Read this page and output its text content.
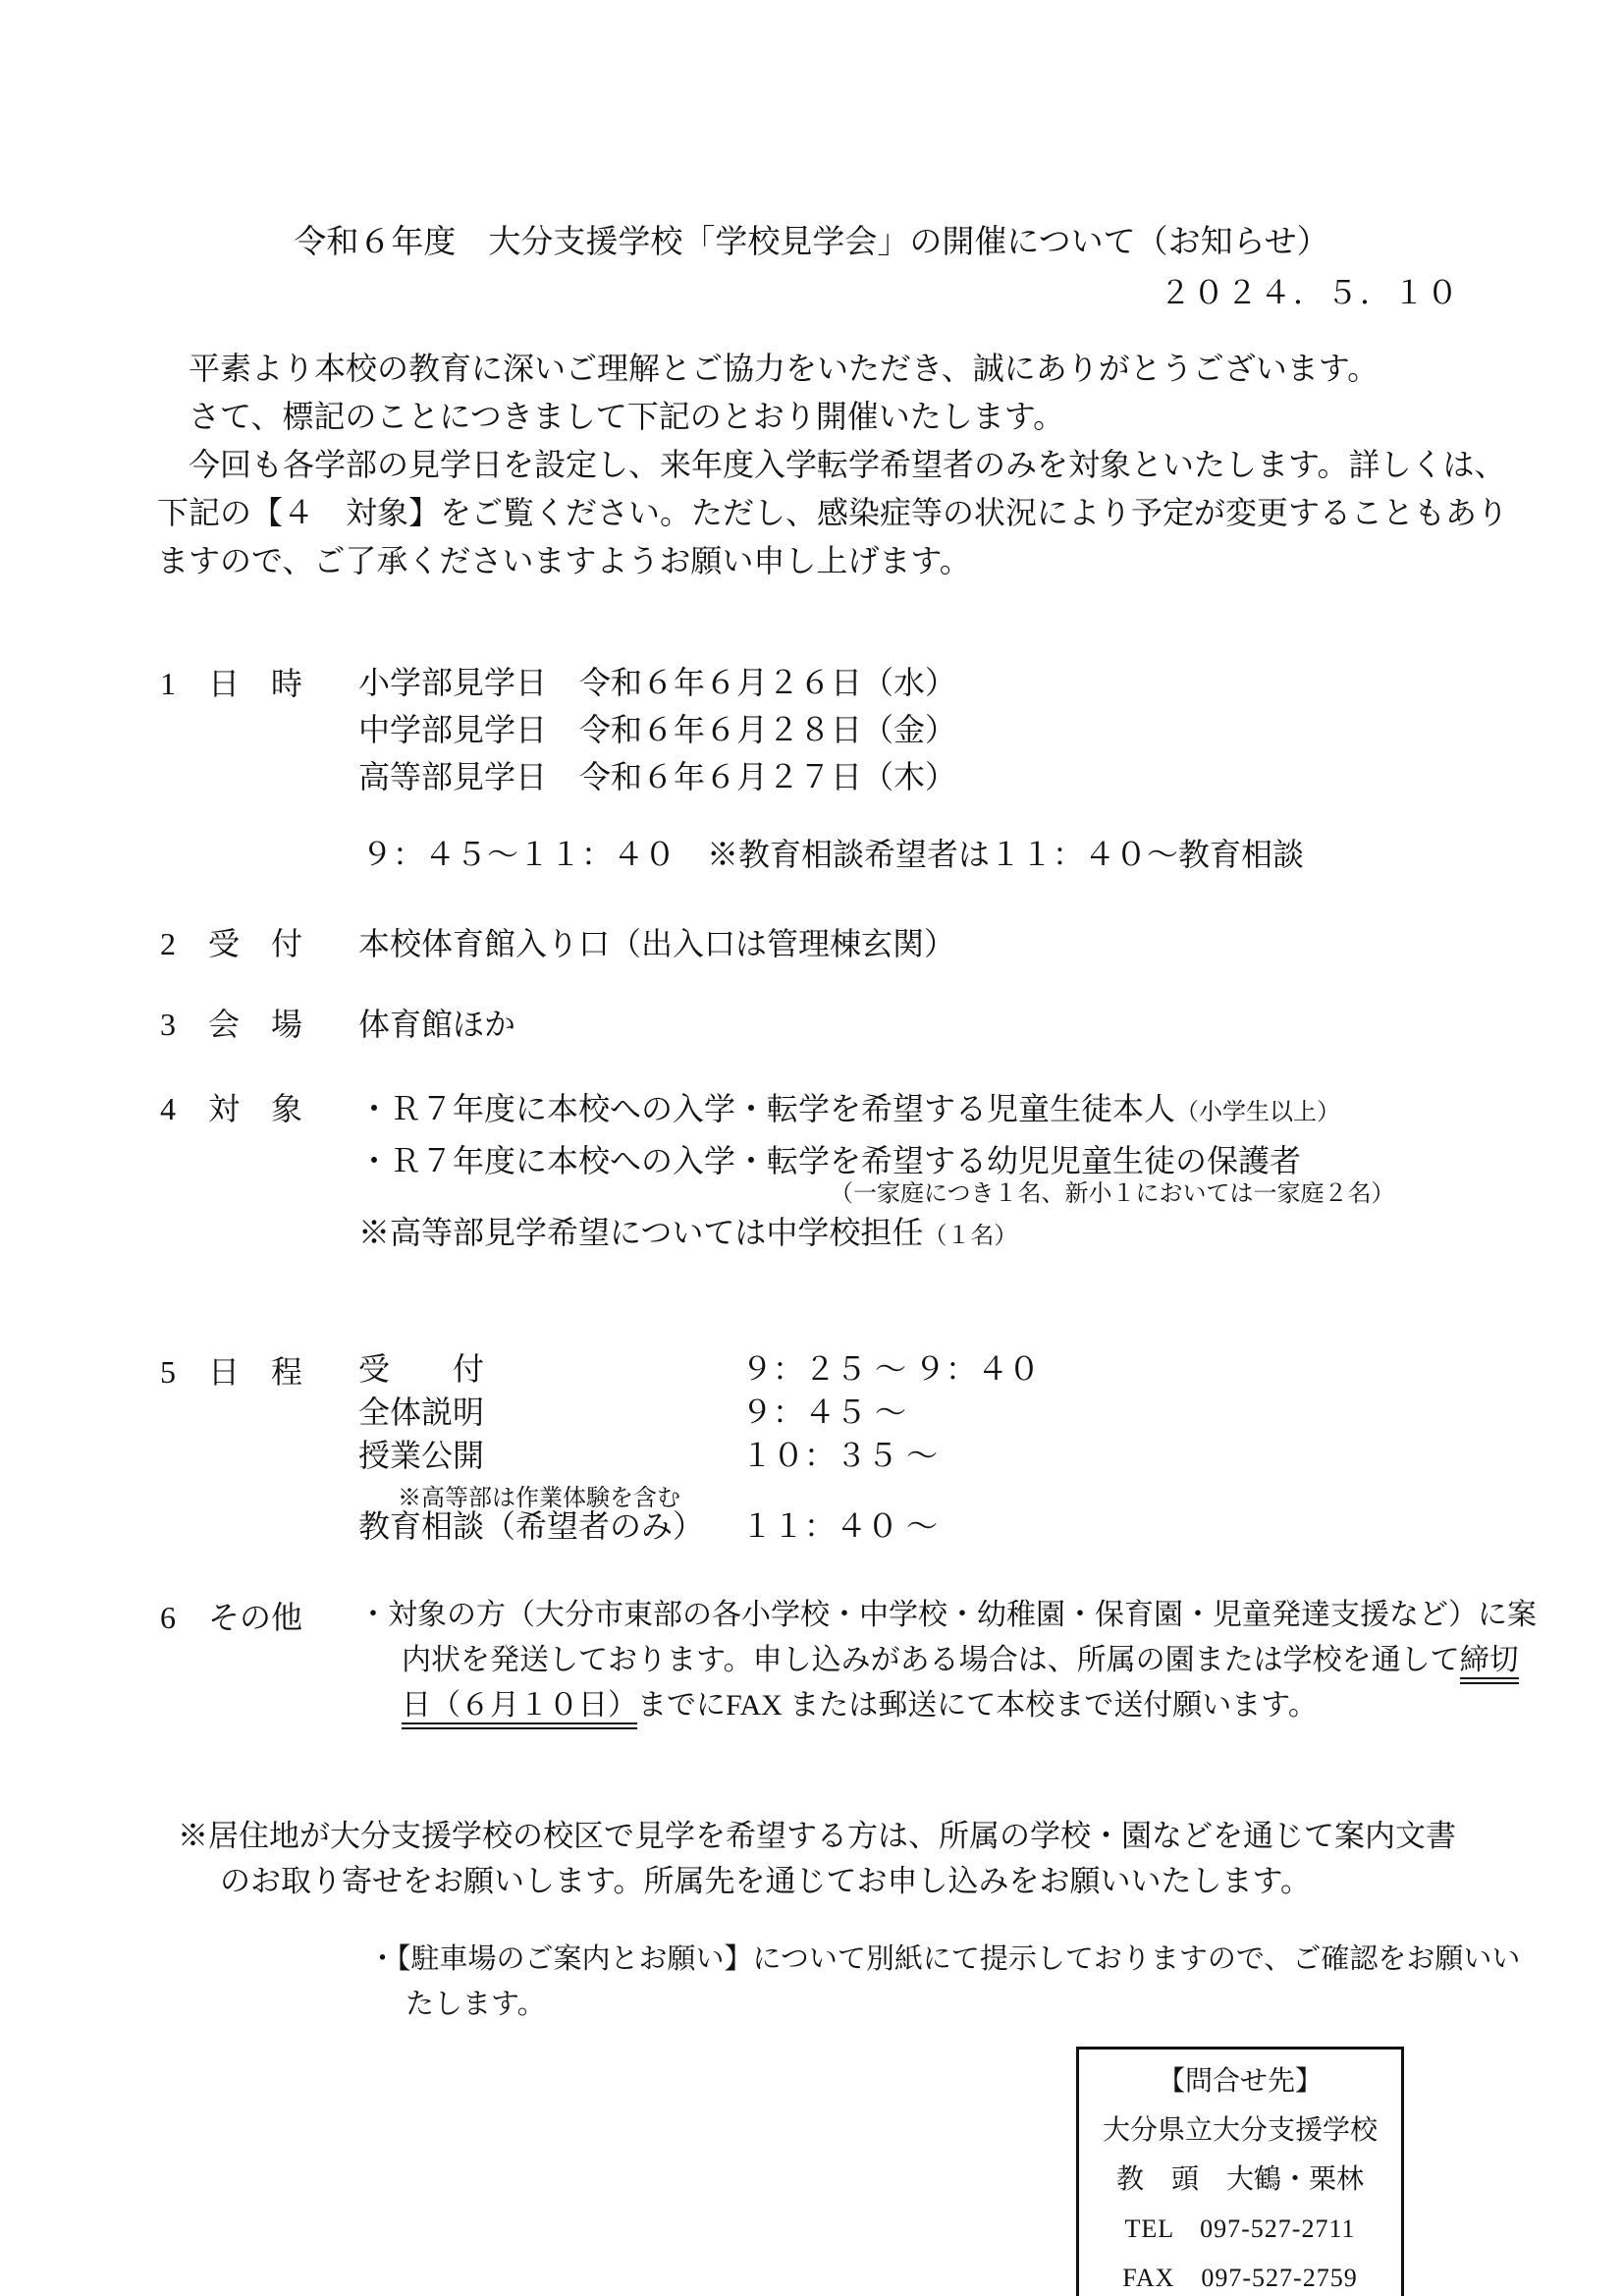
令和６年度　大分支援学校「学校見学会」の開催について（お知らせ）
２０２４．５．１０

平素より本校の教育に深いご理解とご協力をいただき、誠にありがとうございます。

さて、標記のことにつきまして下記のとおり開催いたします。

今回も各学部の見学日を設定し、来年度入学転学希望者のみを対象といたします。詳しくは、下記の【４　対象】をご覧ください。ただし、感染症等の状況により予定が変更することもありますので、ご了承くださいますようお願い申し上げます。

1 日　時 小学部見学日 令和６年６月２６日（水）
中学部見学日 令和６年６月２８日（金）
高等部見学日 令和６年６月２７日（木）
９：４５～１１：４０　※教育相談希望者は１１：４０～教育相談
2 受　付 本校体育館入り口（出入口は管理棟玄関）
3 会　場 体育館ほか
4 対　象 ・Ｒ７年度に本校への入学・転学を希望する児童生徒本人（小学生以上）
・Ｒ７年度に本校への入学・転学を希望する幼児児童生徒の保護者
（一家庭につき１名、新小１においては一家庭２名）
※高等部見学希望については中学校担任（１名）
5 日　程 受　　付	９：２５ ～ ９：４０
全体説明	９：４５ ～
授業公開	１０：３５ ～
※高等部は作業体験を含む
教育相談（希望者のみ） １１：４０ ～
6 その他 ・対象の方（大分市東部の各小学校・中学校・幼稚園・保育園・児童発達支援など）に案内状を発送しております。申し込みがある場合は、所属の園または学校を通して締切日（６月１０日）までにFAX または郵送にて本校まで送付願います。
※居住地が大分支援学校の校区で見学を希望する方は、所属の学校・園などを通じて案内文書のお取り寄せをお願いします。所属先を通じてお申し込みをお願いいたします。
・【駐車場のご案内とお願い】について別紙にて提示しておりますので、ご確認をお願いいたします。
【問合せ先】
大分県立大分支援学校
教　頭　大鶴・栗林
TEL　097-527-2711
FAX　097-527-2759
